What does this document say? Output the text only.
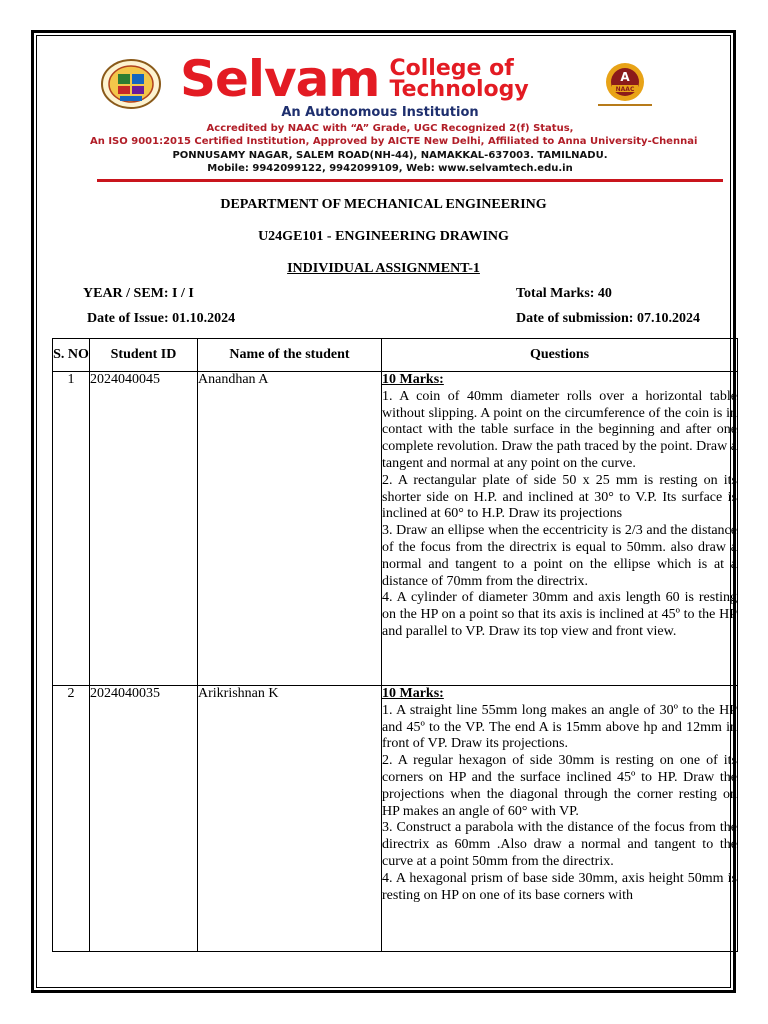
Selvam College of
Technology	A
NAAC
An Autonomous Institution
Accredited by NAAC with “A” Grade, UGC Recognized 2(f) Status,
An ISO 9001:2015 Certified Institution, Approved by AICTE New Delhi, Affiliated to Anna University-Chennai
PONNUSAMY NAGAR, SALEM ROAD(NH-44), NAMAKKAL-637003. TAMILNADU.
Mobile: 9942099122, 9942099109, Web: www.selvamtech.edu.in
DEPARTMENT OF MECHANICAL ENGINEERING
U24GE101 - ENGINEERING DRAWING
INDIVIDUAL ASSIGNMENT-1
YEAR / SEM: I / I	Total Marks: 40
Date of Issue: 01.10.2024	Date of submission: 07.10.2024
S. NO	Student ID	Name of the student	Questions
1	2024040045	Anandhan A	10 Marks:

1. A coin of 40mm diameter rolls over a horizontal table without slipping. A point on the circumference of the coin is in contact with the table surface in the beginning and after one complete revolution. Draw the path traced by the point. Draw a tangent and normal at any point on the curve.

2. A rectangular plate of side 50 x 25 mm is resting on its shorter side on H.P. and inclined at 30° to V.P. Its surface is inclined at 60° to H.P. Draw its projections

3. Draw an ellipse when the eccentricity is 2/3 and the distance of the focus from the directrix is equal to 50mm. also draw a normal and tangent to a point on the ellipse which is at a distance of 70mm from the directrix.

4. A cylinder of diameter 30mm and axis length 60 is resting on the HP on a point so that its axis is inclined at 45º to the HP and parallel to VP. Draw its top view and front view.

2	2024040035	Arikrishnan K	10 Marks:

1. A straight line 55mm long makes an angle of 30º to the HP and 45º to the VP. The end A is 15mm above hp and 12mm in front of VP. Draw its projections.

2. A regular hexagon of side 30mm is resting on one of its corners on HP and the surface inclined 45º to HP. Draw the projections when the diagonal through the corner resting on HP makes an angle of 60° with VP.

3. Construct a parabola with the distance of the focus from the directrix as 60mm .Also draw a normal and tangent to the curve at a point 50mm from the directrix.

4. A hexagonal prism of base side 30mm, axis height 50mm is resting on HP on one of its base corners with
